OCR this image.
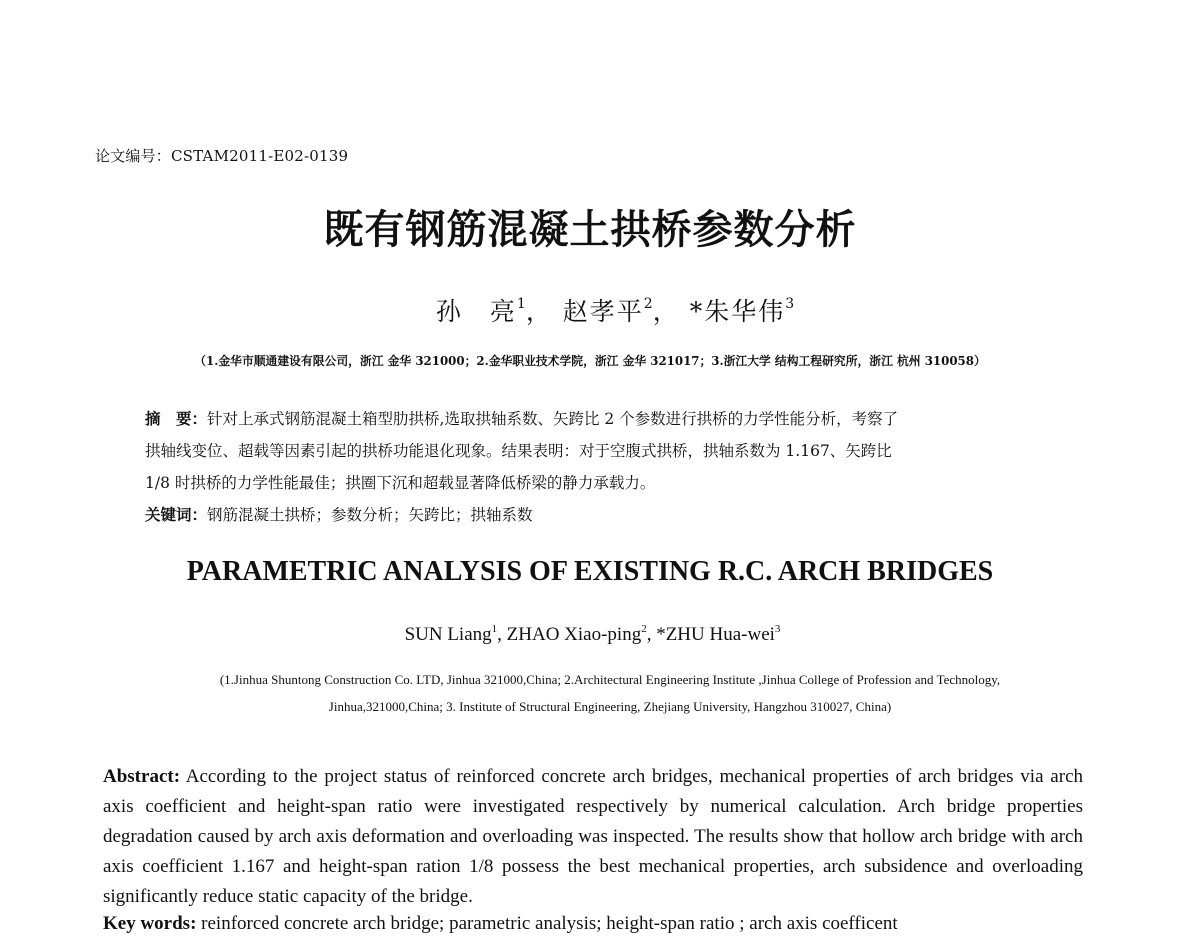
论文编号：CSTAM2011-E02-0139
既有钢筋混凝土拱桥参数分析
孙　亮$^1$， 赵孝平$^2$， *朱华伟$^3$
（1.金华市顺通建设有限公司，浙江 金华 321000；2.金华职业技术学院，浙江 金华 321017；3.浙江大学 结构工程研究所，浙江 杭州 310058）
摘　要：针对上承式钢筋混凝土箱型肋拱桥,选取拱轴系数、矢跨比 2 个参数进行拱桥的力学性能分析，考察了
拱轴线变位、超载等因素引起的拱桥功能退化现象。结果表明：对于空腹式拱桥，拱轴系数为 1.167、矢跨比
1/8 时拱桥的力学性能最佳；拱圈下沉和超载显著降低桥梁的静力承载力。
关键词：钢筋混凝土拱桥；参数分析；矢跨比；拱轴系数
PARAMETRIC ANALYSIS OF EXISTING R.C. ARCH BRIDGES
SUN Liang$^1$, ZHAO Xiao-ping$^2$, *ZHU Hua-wei$^3$
(1.Jinhua Shuntong Construction Co. LTD, Jinhua 321000,China; 2.Architectural Engineering Institute ,Jinhua College of Profession and Technology,
Jinhua,321000,China; 3. Institute of Structural Engineering, Zhejiang University, Hangzhou 310027, China)
Abstract: According to the project status of reinforced concrete arch bridges, mechanical properties of arch bridges via arch axis coefficient and height-span ratio were investigated respectively by numerical calculation. Arch bridge properties degradation caused by arch axis deformation and overloading was inspected. The results show that hollow arch bridge with arch axis coefficient 1.167 and height-span ration 1/8 possess the best mechanical properties, arch subsidence and overloading significantly reduce static capacity of the bridge.
Key words: reinforced concrete arch bridge; parametric analysis; height-span ratio ; arch axis coefficent
